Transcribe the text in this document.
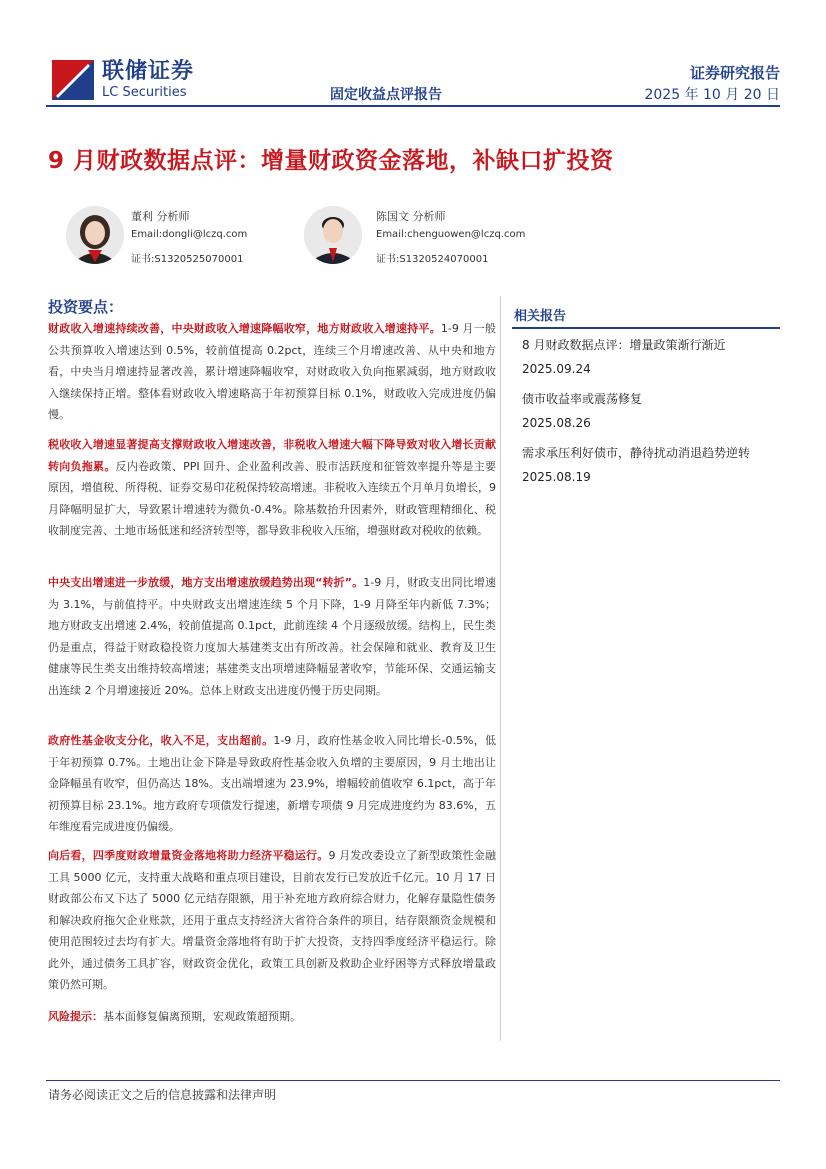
联储证券
LC Securities	固定收益点评报告
证券研究报告
2025 年 10 月 20 日
9 月财政数据点评：增量财政资金落地，补缺口扩投资
董利 分析师
Email:dongli@lczq.com
证书:S1320525070001
陈国文 分析师
Email:chenguowen@lczq.com
证书:S1320524070001
投资要点：
财政收入增速持续改善，中央财政收入增速降幅收窄，地方财政收入增速持平。1-9 月一般公共预算收入增速达到 0.5%，较前值提高 0.2pct，连续三个月增速改善、从中央和地方看，中央当月增速持显著改善，累计增速降幅收窄，对财政收入负向拖累减弱，地方财政收入继续保持正增。整体看财政收入增速略高于年初预算目标 0.1%，财政收入完成进度仍偏慢。
税收收入增速显著提高支撑财政收入增速改善，非税收入增速大幅下降导致对收入增长贡献转向负拖累。反内卷政策、PPI 回升、企业盈利改善、股市活跃度和征管效率提升等是主要原因，增值税、所得税、证券交易印花税保持较高增速。非税收入连续五个月单月负增长，9 月降幅明显扩大，导致累计增速转为微负-0.4%。除基数抬升因素外，财政管理精细化、税收制度完善、土地市场低迷和经济转型等，都导致非税收入压缩，增强财政对税收的依赖。
中央支出增速进一步放缓，地方支出增速放缓趋势出现“转折”。1-9 月，财政支出同比增速为 3.1%，与前值持平。中央财政支出增速连续 5 个月下降，1-9 月降至年内新低 7.3%；地方财政支出增速 2.4%，较前值提高 0.1pct，此前连续 4 个月逐级放缓。结构上，民生类仍是重点，得益于财政稳投资力度加大基建类支出有所改善。社会保障和就业、教育及卫生健康等民生类支出维持较高增速；基建类支出项增速降幅显著收窄，节能环保、交通运输支出连续 2 个月增速接近 20%。总体上财政支出进度仍慢于历史同期。
政府性基金收支分化，收入不足，支出超前。1-9 月，政府性基金收入同比增长-0.5%，低于年初预算 0.7%。土地出让金下降是导致政府性基金收入负增的主要原因，9 月土地出让金降幅虽有收窄，但仍高达 18%。支出端增速为 23.9%，增幅较前值收窄 6.1pct，高于年初预算目标 23.1%。地方政府专项债发行提速，新增专项债 9 月完成进度约为 83.6%，五年维度看完成进度仍偏缓。
向后看，四季度财政增量资金落地将助力经济平稳运行。9 月发改委设立了新型政策性金融工具 5000 亿元，支持重大战略和重点项目建设，目前农发行已发放近千亿元。10 月 17 日财政部公布又下达了 5000 亿元结存限额，用于补充地方政府综合财力，化解存量隐性债务和解决政府拖欠企业账款，还用于重点支持经济大省符合条件的项目，结存限额资金规模和使用范围较过去均有扩大。增量资金落地将有助于扩大投资，支持四季度经济平稳运行。除此外，通过债务工具扩容，财政资金优化，政策工具创新及救助企业纾困等方式释放增量政策仍然可期。
风险提示：基本面修复偏离预期，宏观政策超预期。
相关报告
8 月财政数据点评：增量政策渐行渐近
2025.09.24
债市收益率或震荡修复
2025.08.26
需求承压利好债市，静待扰动消退趋势逆转
2025.08.19
请务必阅读正文之后的信息披露和法律声明
